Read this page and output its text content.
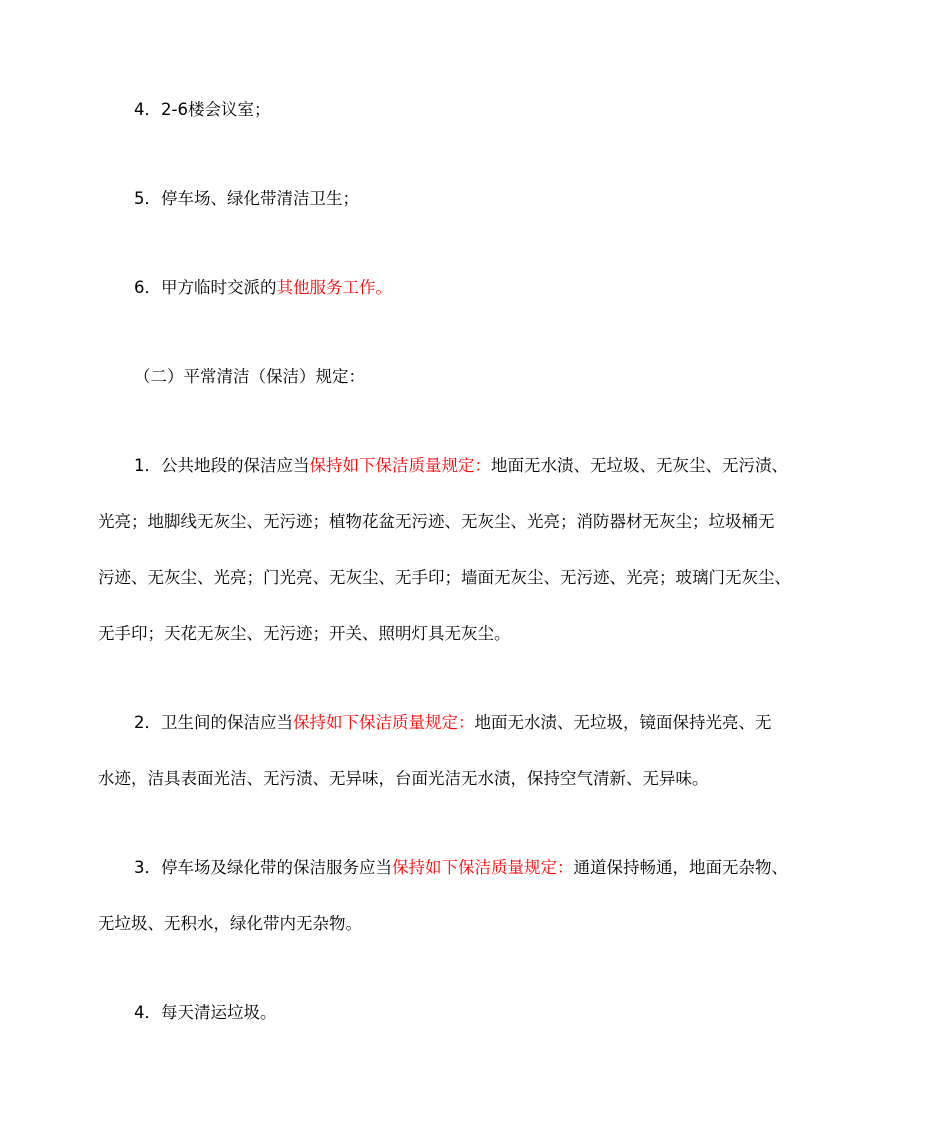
4．2-6楼会议室；
5．停车场、绿化带清洁卫生；
6．甲方临时交派的其他服务工作。
（二）平常清洁（保洁）规定：
1．公共地段的保洁应当保持如下保洁质量规定：地面无水渍、无垃圾、无灰尘、无污渍、
光亮；地脚线无灰尘、无污迹；植物花盆无污迹、无灰尘、光亮；消防器材无灰尘；垃圾桶无
污迹、无灰尘、光亮；门光亮、无灰尘、无手印；墙面无灰尘、无污迹、光亮；玻璃门无灰尘、
无手印；天花无灰尘、无污迹；开关、照明灯具无灰尘。
2．卫生间的保洁应当保持如下保洁质量规定：地面无水渍、无垃圾，镜面保持光亮、无
水迹，洁具表面光洁、无污渍、无异味，台面光洁无水渍，保持空气清新、无异味。
3．停车场及绿化带的保洁服务应当保持如下保洁质量规定：通道保持畅通，地面无杂物、
无垃圾、无积水，绿化带内无杂物。
4．每天清运垃圾。
